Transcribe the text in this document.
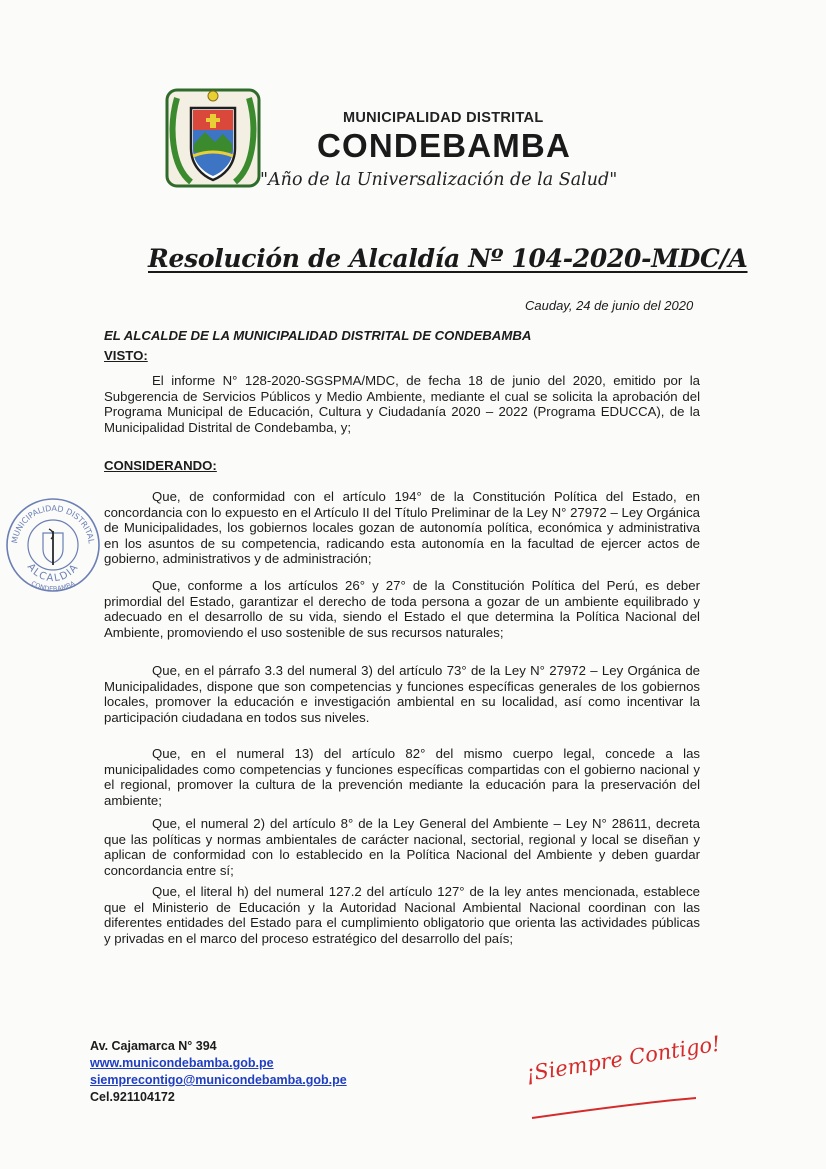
MUNICIPALIDAD DISTRITAL
CONDEBAMBA
"Año de la Universalización de la Salud"
Resolución de Alcaldía Nº 104-2020-MDC/A
Cauday, 24 de junio del 2020
EL ALCALDE DE LA MUNICIPALIDAD DISTRITAL DE CONDEBAMBA
VISTO:
El informe N° 128-2020-SGSPMA/MDC, de fecha 18 de junio del 2020, emitido por la Subgerencia de Servicios Públicos y Medio Ambiente, mediante el cual se solicita la aprobación del Programa Municipal de Educación, Cultura y Ciudadanía 2020 – 2022 (Programa EDUCCA), de la Municipalidad Distrital de Condebamba, y;
CONSIDERANDO:
Que, de conformidad con el artículo 194° de la Constitución Política del Estado, en concordancia con lo expuesto en el Artículo II del Título Preliminar de la Ley N° 27972 – Ley Orgánica de Municipalidades, los gobiernos locales gozan de autonomía política, económica y administrativa en los asuntos de su competencia, radicando esta autonomía en la facultad de ejercer actos de gobierno, administrativos y de administración;
Que, conforme a los artículos 26° y 27° de la Constitución Política del Perú, es deber primordial del Estado, garantizar el derecho de toda persona a gozar de un ambiente equilibrado y adecuado en el desarrollo de su vida, siendo el Estado el que determina la Política Nacional del Ambiente, promoviendo el uso sostenible de sus recursos naturales;
Que, en el párrafo 3.3 del numeral 3) del artículo 73° de la Ley N° 27972 – Ley Orgánica de Municipalidades, dispone que son competencias y funciones específicas generales de los gobiernos locales, promover la educación e investigación ambiental en su localidad, así como incentivar la participación ciudadana en todos sus niveles.
Que, en el numeral 13) del artículo 82° del mismo cuerpo legal, concede a las municipalidades como competencias y funciones específicas compartidas con el gobierno nacional y el regional, promover la cultura de la prevención mediante la educación para la preservación del ambiente;
Que, el numeral 2) del artículo 8° de la Ley General del Ambiente – Ley N° 28611, decreta que las políticas y normas ambientales de carácter nacional, sectorial, regional y local se diseñan y aplican de conformidad con lo establecido en la Política Nacional del Ambiente y deben guardar concordancia entre sí;
Que, el literal h) del numeral 127.2 del artículo 127° de la ley antes mencionada, establece que el Ministerio de Educación y la Autoridad Nacional Ambiental Nacional coordinan con las diferentes entidades del Estado para el cumplimiento obligatorio que orienta las actividades públicas y privadas en el marco del proceso estratégico del desarrollo del país;
MUNICIPALIDAD DISTRITAL
ALCALDIA
CONDEBAMBA
Av. Cajamarca N° 394
www.municondebamba.gob.pe
siemprecontigo@municondebamba.gob.pe
Cel.921104172
¡Siempre Contigo!
